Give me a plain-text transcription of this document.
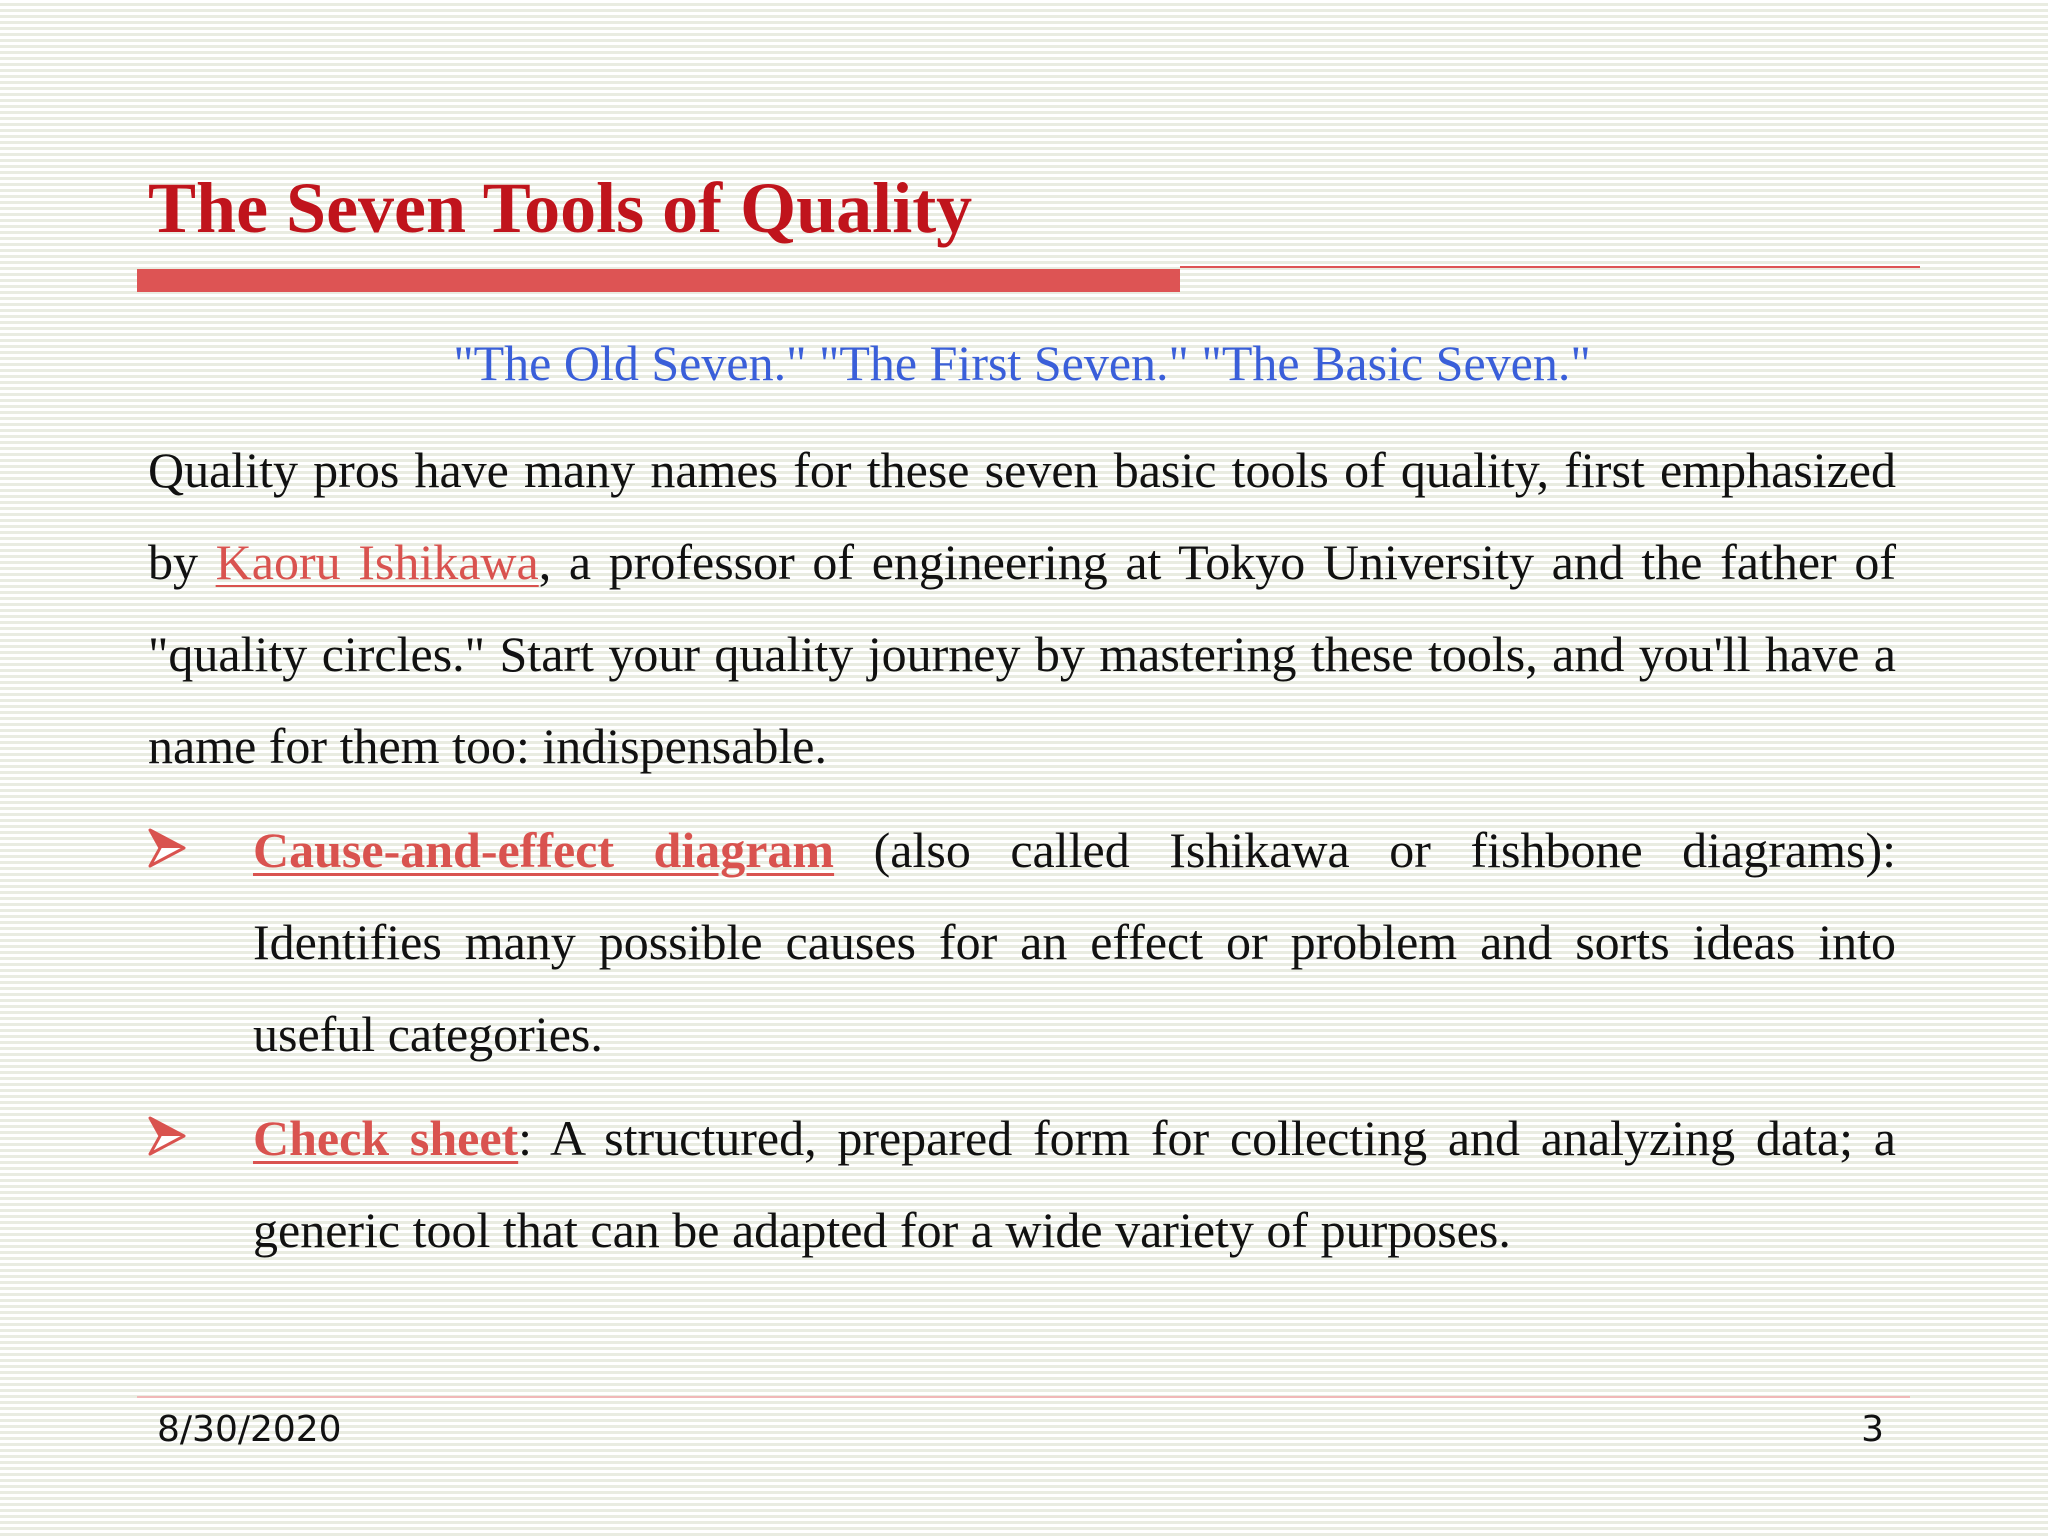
The Seven Tools of Quality
"The Old Seven." "The First Seven." "The Basic Seven."

Quality pros have many names for these seven basic tools of quality, first emphasized by Kaoru Ishikawa, a professor of engineering at Tokyo University and the father of "quality circles." Start your quality journey by mastering these tools, and you'll have a name for them too: indispensable.

Cause-and-effect diagram (also called Ishikawa or fishbone diagrams): Identifies many possible causes for an effect or problem and sorts ideas into useful categories.

Check sheet: A structured, prepared form for collecting and analyzing data; a generic tool that can be adapted for a wide variety of purposes.

8/30/2020	3
